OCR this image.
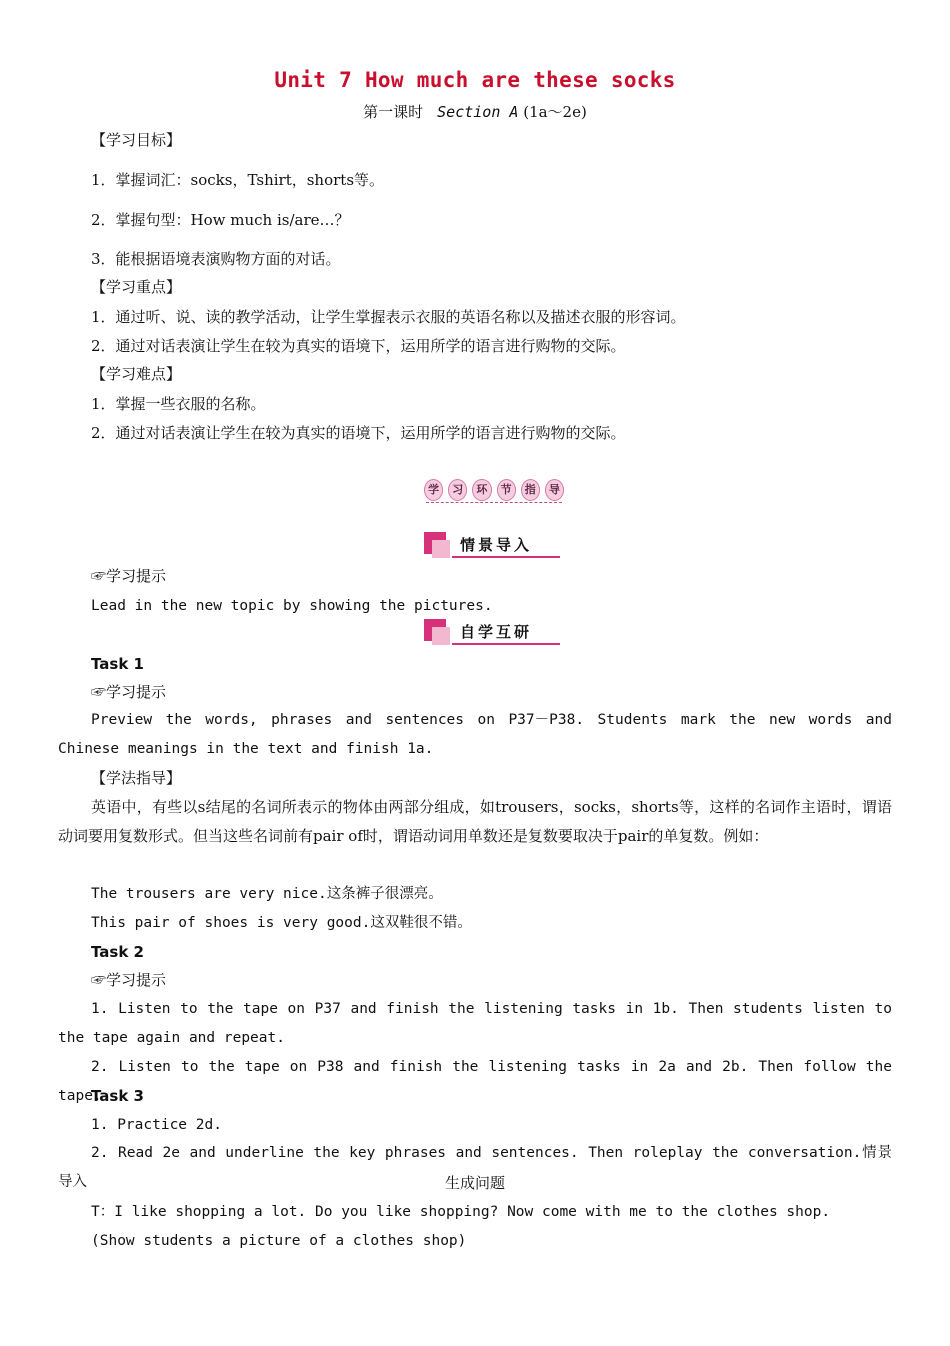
Unit 7 How much are these socks
第一课时 Section A (1a～2e)
【学习目标】
1．掌握词汇：socks，Tshirt，shorts等。
2．掌握句型：How much is/are…？
3．能根据语境表演购物方面的对话。
【学习重点】
1．通过听、说、读的教学活动，让学生掌握表示衣服的英语名称以及描述衣服的形容词。
2．通过对话表演让学生在较为真实的语境下，运用所学的语言进行购物的交际。
【学习难点】
1．掌握一些衣服的名称。
2．通过对话表演让学生在较为真实的语境下，运用所学的语言进行购物的交际。
学	习	环	节	指	导
情景导入
☞学习提示
Lead in the new topic by showing the pictures.
自学互研
Task 1
☞学习提示
Preview the words, phrases and sentences on P37－P38. Students mark the new words and Chinese meanings in the text and finish 1a.
【学法指导】
英语中，有些以s结尾的名词所表示的物体由两部分组成，如trousers，socks，shorts等，这样的名词作主语时，谓语动词要用复数形式。但当这些名词前有pair of时，谓语动词用单数还是复数要取决于pair的单复数。例如：
The trousers are very nice.这条裤子很漂亮。
This pair of shoes is very good.这双鞋很不错。
Task 2
☞学习提示
1. Listen to the tape on P37 and finish the listening tasks in 1b. Then students listen to the tape again and repeat.
2. Listen to the tape on P38 and finish the listening tasks in 2a and 2b. Then follow the tape.
Task 3
1. Practice 2d.
2. Read 2e and underline the key phrases and sentences. Then roleplay the conversation.情景导入	生成问题
T：I like shopping a lot. Do you like shopping? Now come with me to the clothes shop.
(Show students a picture of a clothes shop)
